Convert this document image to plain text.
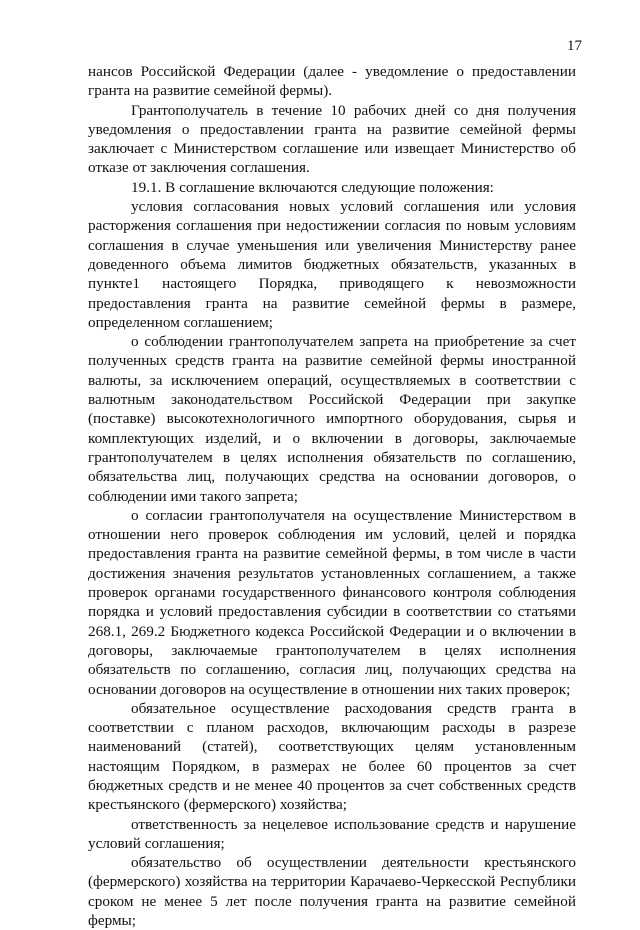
17

нансов Российской Федерации (далее - уведомление о предоставлении гранта на развитие семейной фермы).

Грантополучатель в течение 10 рабочих дней со дня получения уведомления о предоставлении гранта на развитие семейной фермы заключает с Министерством соглашение или извещает Министерство об отказе от заключения соглашения.

19.1. В соглашение включаются следующие положения:

условия согласования новых условий соглашения или условия расторжения соглашения при недостижении согласия по новым условиям соглашения в случае уменьшения или увеличения Министерству ранее доведенного объема лимитов бюджетных обязательств, указанных в пункте1 настоящего Порядка, приводящего к невозможности предоставления гранта на развитие семейной фермы в размере, определенном соглашением;

о соблюдении грантополучателем запрета на приобретение за счет полученных средств гранта на развитие семейной фермы иностранной валюты, за исключением операций, осуществляемых в соответствии с валютным законодательством Российской Федерации при закупке (поставке) высокотехнологичного импортного оборудования, сырья и комплектующих изделий, и о включении в договоры, заключаемые грантополучателем в целях исполнения обязательств по соглашению, обязательства лиц, получающих средства на основании договоров, о соблюдении ими такого запрета;

о согласии грантополучателя на осуществление Министерством в отношении него проверок соблюдения им условий, целей и порядка предоставления гранта на развитие семейной фермы, в том числе в части достижения значения результатов установленных соглашением, а также проверок органами государственного финансового контроля соблюдения порядка и условий предоставления субсидии в соответствии со статьями 268.1, 269.2 Бюджетного кодекса Российской Федерации и о включении в договоры, заключаемые грантополучателем в целях исполнения обязательств по соглашению, согласия лиц, получающих средства на основании договоров на осуществление в отношении них таких проверок;

обязательное осуществление расходования средств гранта в соответствии с планом расходов, включающим расходы в разрезе наименований (статей), соответствующих целям установленным настоящим Порядком, в размерах не более 60 процентов за счет бюджетных средств и не менее 40 процентов за счет собственных средств крестьянского (фермерского) хозяйства;

ответственность за нецелевое использование средств и нарушение условий соглашения;

обязательство об осуществлении деятельности крестьянского (фермерского) хозяйства на территории Карачаево-Черкесской Республики сроком не менее 5 лет после получения гранта на развитие семейной фермы;
